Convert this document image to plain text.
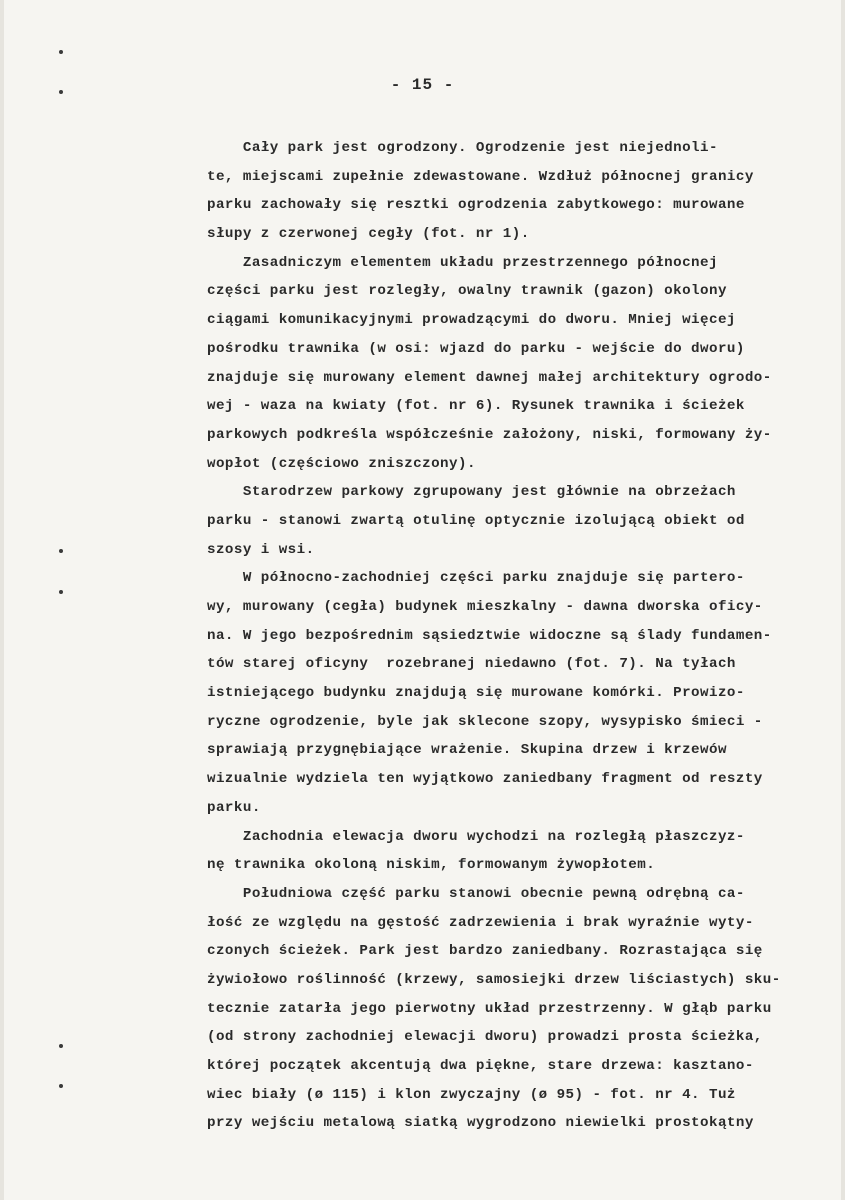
- 15 -
Cały park jest ogrodzony. Ogrodzenie jest niejednoli-
te, miejscami zupełnie zdewastowane. Wzdłuż północnej granicy
parku zachowały się resztki ogrodzenia zabytkowego: murowane
słupy z czerwonej cegły (fot. nr 1).
Zasadniczym elementem układu przestrzennego północnej
części parku jest rozległy, owalny trawnik (gazon) okolony
ciągami komunikacyjnymi prowadzącymi do dworu. Mniej więcej
pośrodku trawnika (w osi: wjazd do parku - wejście do dworu)
znajduje się murowany element dawnej małej architektury ogrodo-
wej - waza na kwiaty (fot. nr 6). Rysunek trawnika i ścieżek
parkowych podkreśla współcześnie założony, niski, formowany ży-
wopłot (częściowo zniszczony).
Starodrzew parkowy zgrupowany jest głównie na obrzeżach
parku - stanowi zwartą otulinę optycznie izolującą obiekt od
szosy i wsi.
W północno-zachodniej części parku znajduje się partero-
wy, murowany (cegła) budynek mieszkalny - dawna dworska oficy-
na. W jego bezpośrednim sąsiedztwie widoczne są ślady fundamen-
tów starej oficyny  rozebranej niedawno (fot. 7). Na tyłach
istniejącego budynku znajdują się murowane komórki. Prowizo-
ryczne ogrodzenie, byle jak sklecone szopy, wysypisko śmieci -
sprawiają przygnębiające wrażenie. Skupina drzew i krzewów
wizualnie wydziela ten wyjątkowo zaniedbany fragment od reszty
parku.
Zachodnia elewacja dworu wychodzi na rozległą płaszczyz-
nę trawnika okoloną niskim, formowanym żywopłotem.
Południowa część parku stanowi obecnie pewną odrębną ca-
łość ze względu na gęstość zadrzewienia i brak wyraźnie wyty-
czonych ścieżek. Park jest bardzo zaniedbany. Rozrastająca się
żywiołowo roślinność (krzewy, samosiejki drzew liściastych) sku-
tecznie zatarła jego pierwotny układ przestrzenny. W głąb parku
(od strony zachodniej elewacji dworu) prowadzi prosta ścieżka,
której początek akcentują dwa piękne, stare drzewa: kasztano-
wiec biały (ø 115) i klon zwyczajny (ø 95) - fot. nr 4. Tuż
przy wejściu metalową siatką wygrodzono niewielki prostokątny
